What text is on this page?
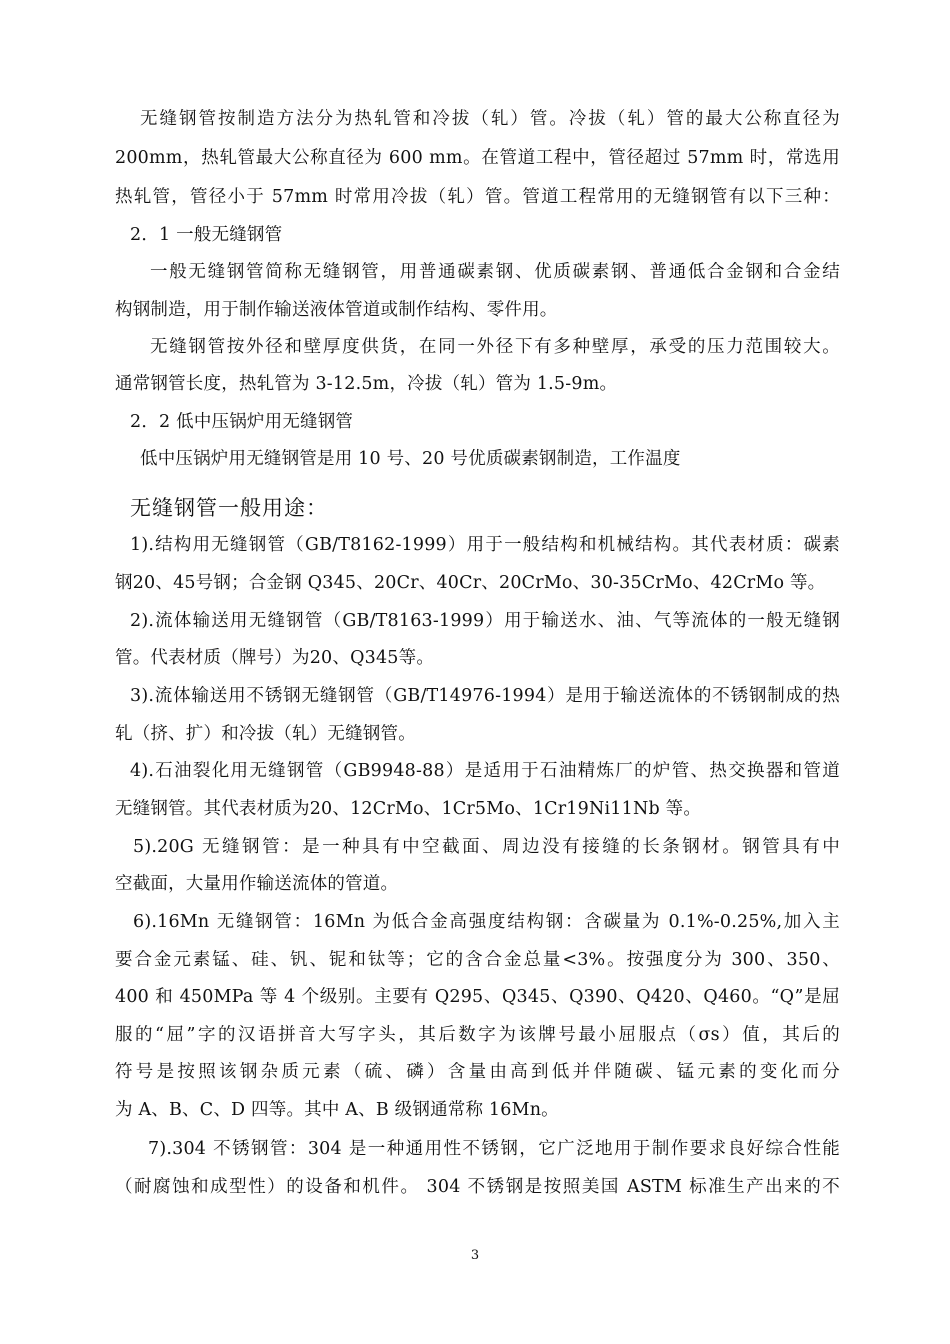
无缝钢管按制造方法分为热轧管和冷拔（轧）管。冷拔（轧）管的最大公称直径为
200mm，热轧管最大公称直径为 600 mm。在管道工程中，管径超过 57mm 时，常选用
热轧管，管径小于 57mm 时常用冷拔（轧）管。管道工程常用的无缝钢管有以下三种：
2．1 一般无缝钢管
一般无缝钢管简称无缝钢管，用普通碳素钢、优质碳素钢、普通低合金钢和合金结
构钢制造，用于制作输送液体管道或制作结构、零件用。
无缝钢管按外径和壁厚度供货，在同一外径下有多种壁厚，承受的压力范围较大。
通常钢管长度，热轧管为 3-12.5m，冷拔（轧）管为 1.5-9m。
2．2 低中压锅炉用无缝钢管
低中压锅炉用无缝钢管是用 10 号、20 号优质碳素钢制造，工作温度
1).结构用无缝钢管（GB/T8162-1999）用于一般结构和机械结构。其代表材质：碳素
钢20、45号钢；合金钢 Q345、20Cr、40Cr、20CrMo、30-35CrMo、42CrMo 等。
2).流体输送用无缝钢管（GB/T8163-1999）用于输送水、油、气等流体的一般无缝钢
管。代表材质（牌号）为20、Q345等。
3).流体输送用不锈钢无缝钢管（GB/T14976-1994）是用于输送流体的不锈钢制成的热
轧（挤、扩）和冷拔（轧）无缝钢管。
4).石油裂化用无缝钢管（GB9948-88）是适用于石油精炼厂的炉管、热交换器和管道
无缝钢管。其代表材质为20、12CrMo、1Cr5Mo、1Cr19Ni11Nb 等。
5).20G 无缝钢管：是一种具有中空截面、周边没有接缝的长条钢材。钢管具有中
空截面，大量用作输送流体的管道。
6).16Mn 无缝钢管：16Mn 为低合金高强度结构钢：含碳量为 0.1%-0.25%,加入主
要合金元素锰、硅、钒、铌和钛等；它的含合金总量<3%。按强度分为 300、350、
400 和 450MPa 等 4 个级别。主要有 Q295、Q345、Q390、Q420、Q460。“Q”是屈
服的“屈”字的汉语拼音大写字头，其后数字为该牌号最小屈服点（σs）值，其后的
符号是按照该钢杂质元素（硫、磷）含量由高到低并伴随碳、锰元素的变化而分
为 A、B、C、D 四等。其中 A、B 级钢通常称 16Mn。
7).304 不锈钢管：304 是一种通用性不锈钢，它广泛地用于制作要求良好综合性能
（耐腐蚀和成型性）的设备和机件。 304 不锈钢是按照美国 ASTM 标准生产出来的不
无缝钢管一般用途：
3
